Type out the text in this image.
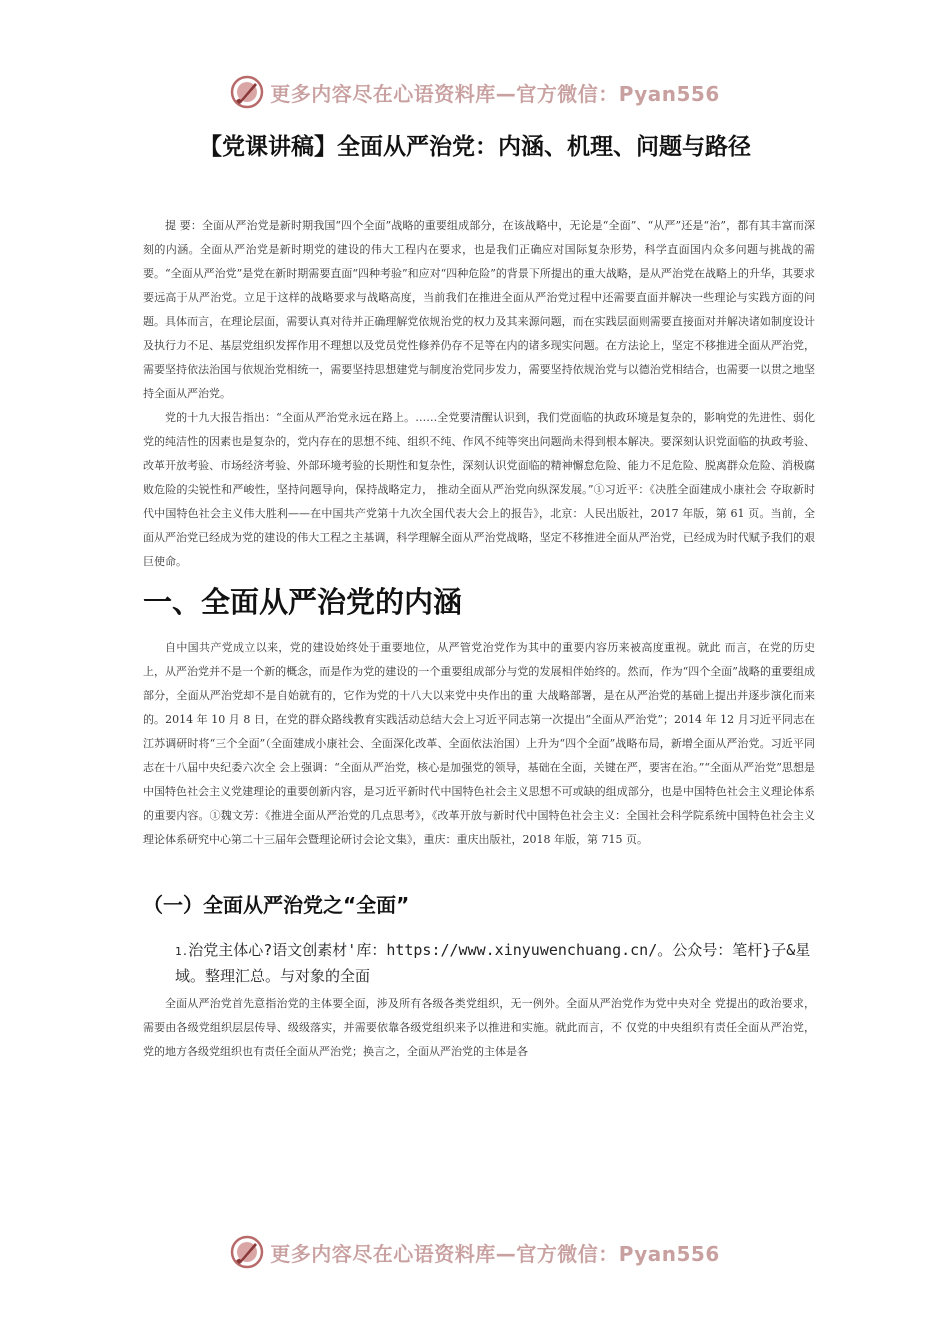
更多内容尽在心语资料库—官方微信：Pyan556
【党课讲稿】全面从严治党：内涵、机理、问题与路径

提 要：全面从严治党是新时期我国“四个全面”战略的重要组成部分，在该战略中，无论是“全面”、“从严”还是“治”，都有其丰富而深刻的内涵。全面从严治党是新时期党的建设的伟大工程内在要求，也是我们正确应对国际复杂形势，科学直面国内众多问题与挑战的需要。“全面从严治党”是党在新时期需要直面“四种考验”和应对“四种危险”的背景下所提出的重大战略，是从严治党在战略上的升华，其要求要远高于从严治党。立足于这样的战略要求与战略高度，当前我们在推进全面从严治党过程中还需要直面并解决一些理论与实践方面的问题。具体而言，在理论层面，需要认真对待并正确理解党依规治党的权力及其来源问题，而在实践层面则需要直接面对并解决诸如制度设计及执行力不足、基层党组织发挥作用不理想以及党员党性修养仍存不足等在内的诸多现实问题。在方法论上，坚定不移推进全面从严治党，需要坚持依法治国与依规治党相统一，需要坚持思想建党与制度治党同步发力，需要坚持依规治党与以德治党相结合，也需要一以贯之地坚持全面从严治党。

党的十九大报告指出：“全面从严治党永远在路上。……全党要清醒认识到，我们党面临的执政环境是复杂的，影响党的先进性、弱化党的纯洁性的因素也是复杂的，党内存在的思想不纯、组织不纯、作风不纯等突出问题尚未得到根本解决。要深刻认识党面临的执政考验、改革开放考验、市场经济考验、外部环境考验的长期性和复杂性，深刻认识党面临的精神懈怠危险、能力不足危险、脱离群众危险、消极腐败危险的尖锐性和严峻性，坚持问题导向，保持战略定力， 推动全面从严治党向纵深发展。”①习近平：《决胜全面建成小康社会 夺取新时代中国特色社会主义伟大胜利——在中国共产党第十九次全国代表大会上的报告》，北京：人民出版社，2017 年版，第 61 页。当前，全面从严治党已经成为党的建设的伟大工程之主基调，科学理解全面从严治党战略，坚定不移推进全面从严治党，已经成为时代赋予我们的艰巨使命。

一、全面从严治党的内涵

自中国共产党成立以来，党的建设始终处于重要地位，从严管党治党作为其中的重要内容历来被高度重视。就此 而言，在党的历史上，从严治党并不是一个新的概念，而是作为党的建设的一个重要组成部分与党的发展相伴始终的。然而，作为“四个全面”战略的重要组成部分，全面从严治党却不是自始就有的，它作为党的十八大以来党中央作出的重 大战略部署，是在从严治党的基础上提出并逐步演化而来的。2014 年 10 月 8 日，在党的群众路线教育实践活动总结大会上习近平同志第一次提出“全面从严治党”；2014 年 12 月习近平同志在江苏调研时将“三个全面”（全面建成小康社会、全面深化改革、全面依法治国）上升为“四个全面”战略布局，新增全面从严治党。习近平同志在十八届中央纪委六次全 会上强调：“全面从严治党，核心是加强党的领导，基础在全面，关键在严，要害在治。”“全面从严治党”思想是中国特色社会主义党建理论的重要创新内容，是习近平新时代中国特色社会主义思想不可或缺的组成部分，也是中国特色社会主义理论体系的重要内容。①魏文芳：《推进全面从严治党的几点思考》，《改革开放与新时代中国特色社会主义：全国社会科学院系统中国特色社会主义理论体系研究中心第二十三届年会暨理论研讨会论文集》，重庆：重庆出版社，2018 年版，第 715 页。

（一）全面从严治党之“全面”
1.治党主体心?语文创素材'库：https://www.xinyuwenchuang.cn/。公众号：笔杆}子&星域。整理汇总。与对象的全面

全面从严治党首先意指治党的主体要全面，涉及所有各级各类党组织，无一例外。全面从严治党作为党中央对全 党提出的政治要求，需要由各级党组织层层传导、级级落实，并需要依靠各级党组织来予以推进和实施。就此而言，不 仅党的中央组织有责任全面从严治党，党的地方各级党组织也有责任全面从严治党；换言之，全面从严治党的主体是各

更多内容尽在心语资料库—官方微信：Pyan556
